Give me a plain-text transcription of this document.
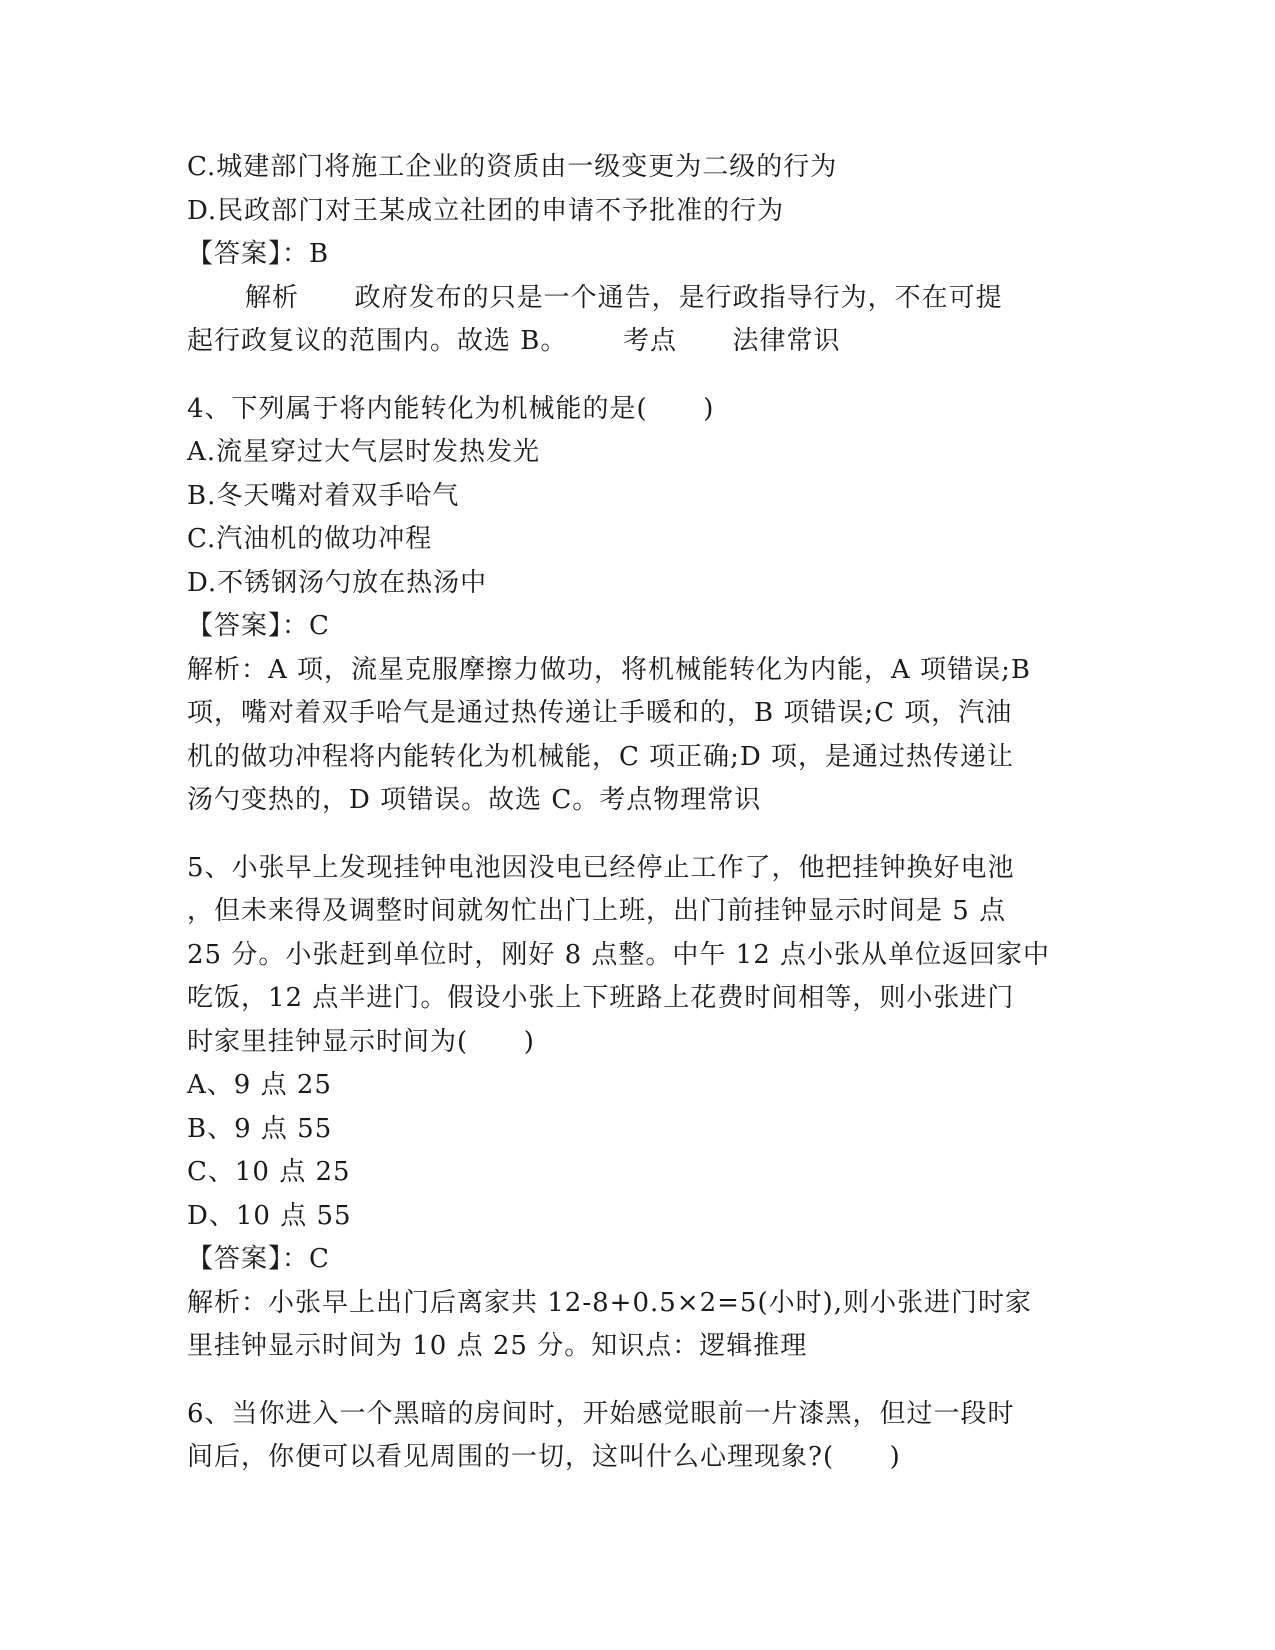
C.城建部门将施工企业的资质由一级变更为二级的行为
D.民政部门对王某成立社团的申请不予批准的行为
【答案】：B
解析      政府发布的只是一个通告，是行政指导行为，不在可提
起行政复议的范围内。故选 B。      考点      法律常识
4、下列属于将内能转化为机械能的是(      )
A.流星穿过大气层时发热发光
B.冬天嘴对着双手哈气
C.汽油机的做功冲程
D.不锈钢汤勺放在热汤中
【答案】：C
解析：A 项，流星克服摩擦力做功，将机械能转化为内能，A 项错误;B
项，嘴对着双手哈气是通过热传递让手暖和的，B 项错误;C 项，汽油
机的做功冲程将内能转化为机械能，C 项正确;D 项，是通过热传递让
汤勺变热的，D 项错误。故选 C。考点物理常识
5、小张早上发现挂钟电池因没电已经停止工作了，他把挂钟换好电池
，但未来得及调整时间就匆忙出门上班，出门前挂钟显示时间是 5 点
25 分。小张赶到单位时，刚好 8 点整。中午 12 点小张从单位返回家中
吃饭，12 点半进门。假设小张上下班路上花费时间相等，则小张进门
时家里挂钟显示时间为(      )
A、9 点 25
B、9 点 55
C、10 点 25
D、10 点 55
【答案】：C
解析：小张早上出门后离家共 12-8+0.5×2=5(小时),则小张进门时家
里挂钟显示时间为 10 点 25 分。知识点：逻辑推理
6、当你进入一个黑暗的房间时，开始感觉眼前一片漆黑，但过一段时
间后，你便可以看见周围的一切，这叫什么心理现象?(      )
